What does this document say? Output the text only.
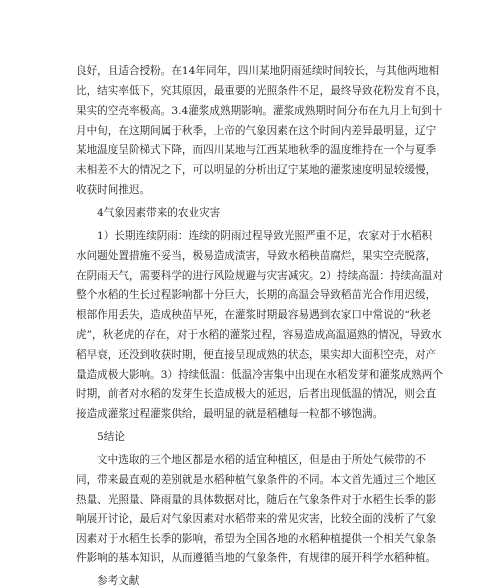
良好，且适合授粉。在14年同年，四川某地阴雨延续时间较长，与其他两地相
比，结实率低下，究其原因，最重要的光照条件不足，最终导致花粉发育不良，
果实的空壳率极高。3.4灌浆成熟期影响。灌浆成熟期时间分布在九月上旬到十
月中旬，在这期间属于秋季，上帝的气象因素在这个时间内差异最明显，辽宁
某地温度呈阶梯式下降，而四川某地与江西某地秋季的温度维持在一个与夏季
未相差不大的情况之下，可以明显的分析出辽宁某地的灌浆速度明显较缓慢，
收获时间推迟。
4气象因素带来的农业灾害
1）长期连续阴雨：连续的阴雨过程导致光照严重不足，农家对于水稻积
水问题处置措施不妥当，极易造成渍害，导致水稻秧苗腐烂，果实空壳脱落，
在阴雨天气，需要科学的进行风险规避与灾害减灾。2）持续高温：持续高温对
整个水稻的生长过程影响都十分巨大，长期的高温会导致稻苗光合作用迟缓，
根部作用丢失，造成秧苗早死，在灌浆时期最容易遇到农家口中常说的“秋老
虎”，秋老虎的存在，对于水稻的灌浆过程，容易造成高温逼熟的情况，导致水
稻早衰，还没到收获时期，便直接呈现成熟的状态，果实却大面积空壳，对产
量造成极大影响。3）持续低温：低温冷害集中出现在水稻发芽和灌浆成熟两个
时期，前者对水稻的发芽生长造成极大的延迟，后者出现低温的情况，则会直
接造成灌浆过程灌浆供给，最明显的就是稻穗每一粒都不够饱满。
5结论
文中选取的三个地区都是水稻的适宜种植区，但是由于所处气候带的不
同，带来最直观的差别就是水稻种植气象条件的不同。本文首先通过三个地区
热量、光照量、降雨量的具体数据对比，随后在气象条件对于水稻生长季的影
响展开讨论，最后对气象因素对水稻带来的常见灾害，比较全面的浅析了气象
因素对于水稻生长季的影响，希望为全国各地的水稻种植提供一个相关气象条
件影响的基本知识，从而遵循当地的气象条件，有规律的展开科学水稻种植。
参考文献
